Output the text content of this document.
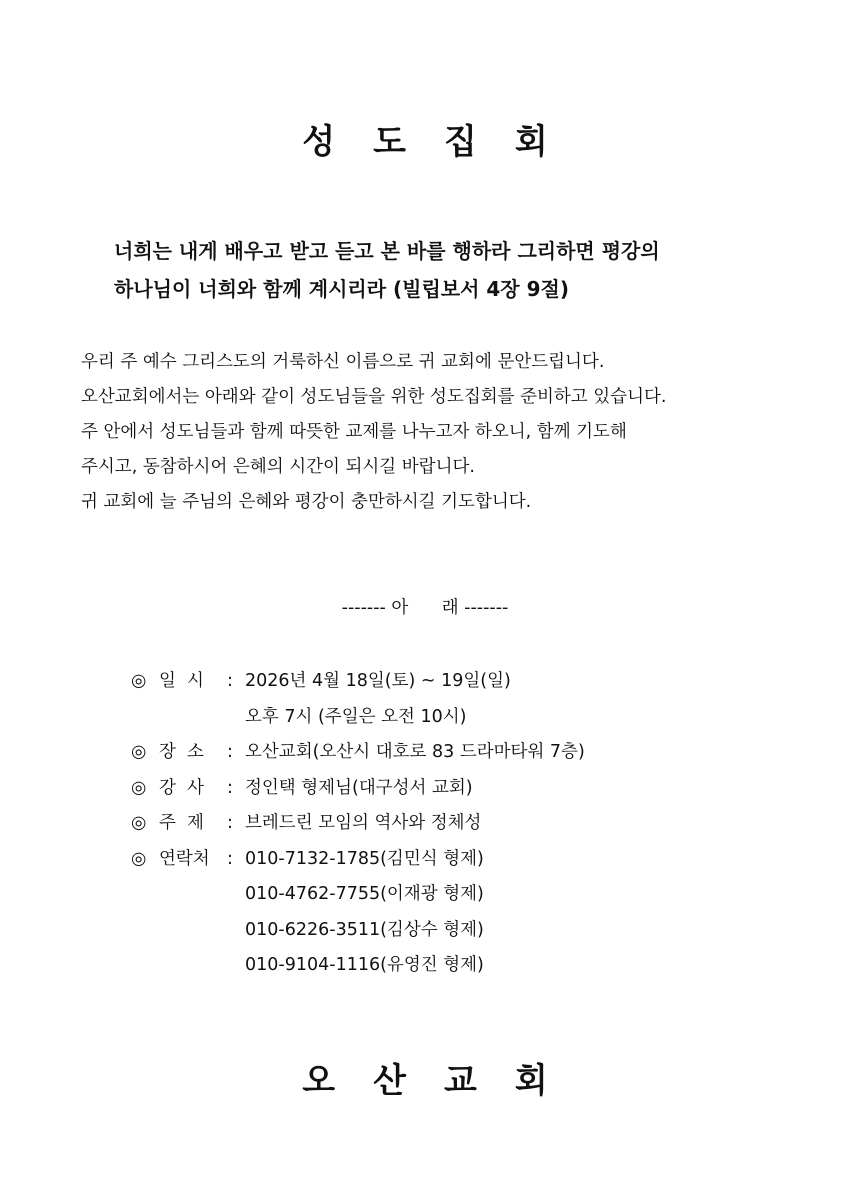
성도집회
너희는 내게 배우고 받고 듣고 본 바를 행하라 그리하면 평강의
하나님이 너희와 함께 계시리라 (빌립보서 4장 9절)
우리 주 예수 그리스도의 거룩하신 이름으로 귀 교회에 문안드립니다.
오산교회에서는 아래와 같이 성도님들을 위한 성도집회를 준비하고 있습니다.
주 안에서 성도님들과 함께 따뜻한 교제를 나누고자 하오니, 함께 기도해
주시고, 동참하시어 은혜의 시간이 되시길 바랍니다.
귀 교회에 늘 주님의 은혜와 평강이 충만하시길 기도합니다.
------- 아      래 -------
◎ 일  시	: 2026년 4월 18일(토) ~ 19일(일)
오후 7시 (주일은 오전 10시)
◎ 장  소	: 오산교회(오산시 대호로 83 드라마타워 7층)
◎ 강  사	: 정인택 형제님(대구성서 교회)
◎ 주  제	: 브레드린 모임의 역사와 정체성
◎ 연락처 : 010-7132-1785(김민식 형제)
010-4762-7755(이재광 형제)
010-6226-3511(김상수 형제)
010-9104-1116(유영진 형제)
오산교회
